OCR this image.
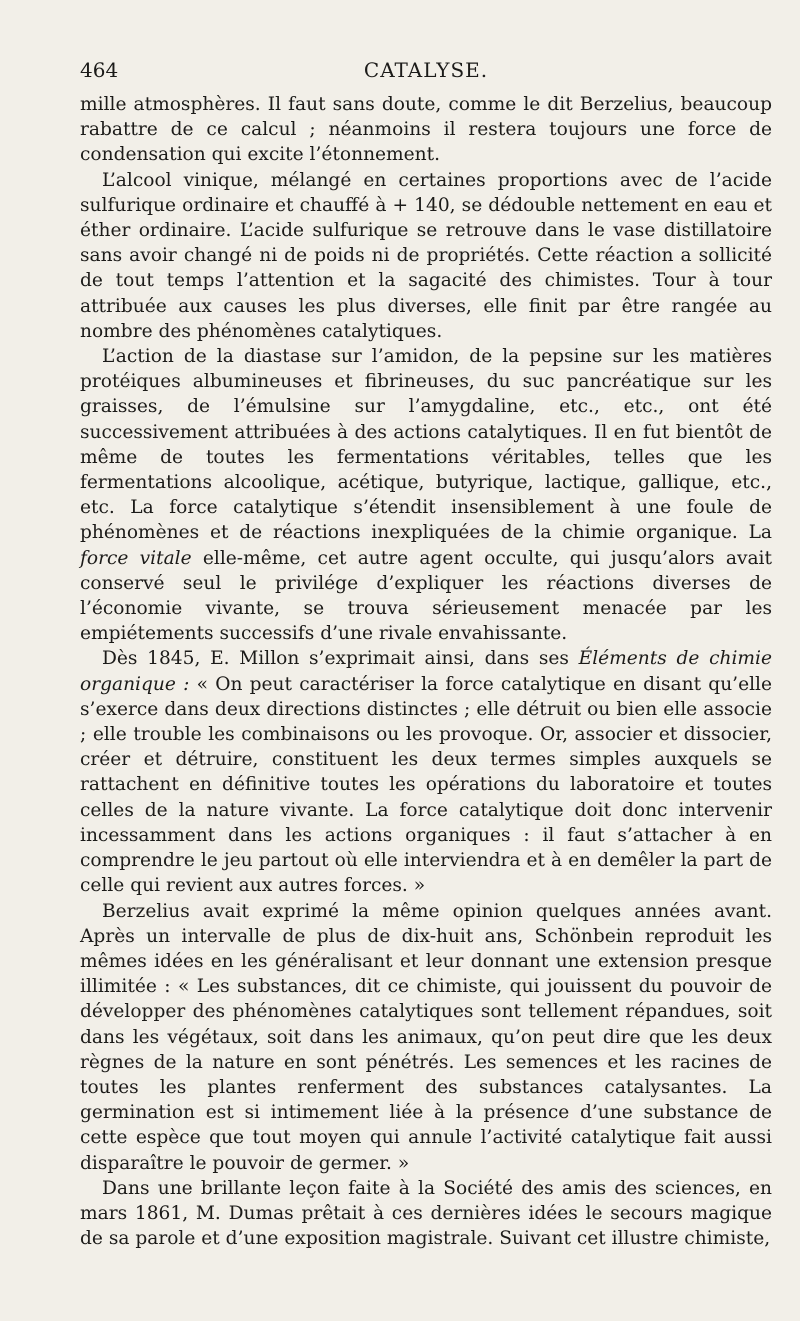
464	CATALYSE.

mille atmosphères. Il faut sans doute, comme le dit Berzelius, beaucoup rabattre de ce calcul ; néanmoins il restera toujours une force de condensation qui excite l’étonnement.

L’alcool vinique, mélangé en certaines proportions avec de l’acide sulfurique ordinaire et chauffé à + 140, se dédouble nettement en eau et éther ordinaire. L’acide sulfurique se retrouve dans le vase distillatoire sans avoir changé ni de poids ni de propriétés. Cette réaction a sollicité de tout temps l’attention et la sagacité des chimistes. Tour à tour attribuée aux causes les plus diverses, elle finit par être rangée au nombre des phénomènes catalytiques.

L’action de la diastase sur l’amidon, de la pepsine sur les matières protéiques albumineuses et fibrineuses, du suc pancréatique sur les graisses, de l’émulsine sur l’amygdaline, etc., etc., ont été successivement attribuées à des actions catalytiques. Il en fut bientôt de même de toutes les fermentations véritables, telles que les fermentations alcoolique, acétique, butyrique, lactique, gallique, etc., etc. La force catalytique s’étendit insensiblement à une foule de phénomènes et de réactions inexpliquées de la chimie organique. La force vitale elle-même, cet autre agent occulte, qui jusqu’alors avait conservé seul le privilége d’expliquer les réactions diverses de l’économie vivante, se trouva sérieusement menacée par les empiétements successifs d’une rivale envahissante.

Dès 1845, E. Millon s’exprimait ainsi, dans ses Éléments de chimie organique : « On peut caractériser la force catalytique en disant qu’elle s’exerce dans deux directions distinctes ; elle détruit ou bien elle associe ; elle trouble les combinaisons ou les provoque. Or, associer et dissocier, créer et détruire, constituent les deux termes simples auxquels se rattachent en définitive toutes les opérations du laboratoire et toutes celles de la nature vivante. La force catalytique doit donc intervenir incessamment dans les actions organiques : il faut s’attacher à en comprendre le jeu partout où elle interviendra et à en demêler la part de celle qui revient aux autres forces. »

Berzelius avait exprimé la même opinion quelques années avant. Après un intervalle de plus de dix-huit ans, Schönbein reproduit les mêmes idées en les généralisant et leur donnant une extension presque illimitée : « Les substances, dit ce chimiste, qui jouissent du pouvoir de développer des phénomènes catalytiques sont tellement répandues, soit dans les végétaux, soit dans les animaux, qu’on peut dire que les deux règnes de la nature en sont pénétrés. Les semences et les racines de toutes les plantes renferment des substances catalysantes. La germination est si intimement liée à la présence d’une substance de cette espèce que tout moyen qui annule l’activité catalytique fait aussi disparaître le pouvoir de germer. »

Dans une brillante leçon faite à la Société des amis des sciences, en mars 1861, M. Dumas prêtait à ces dernières idées le secours magique de sa parole et d’une exposition magistrale. Suivant cet illustre chimiste,
